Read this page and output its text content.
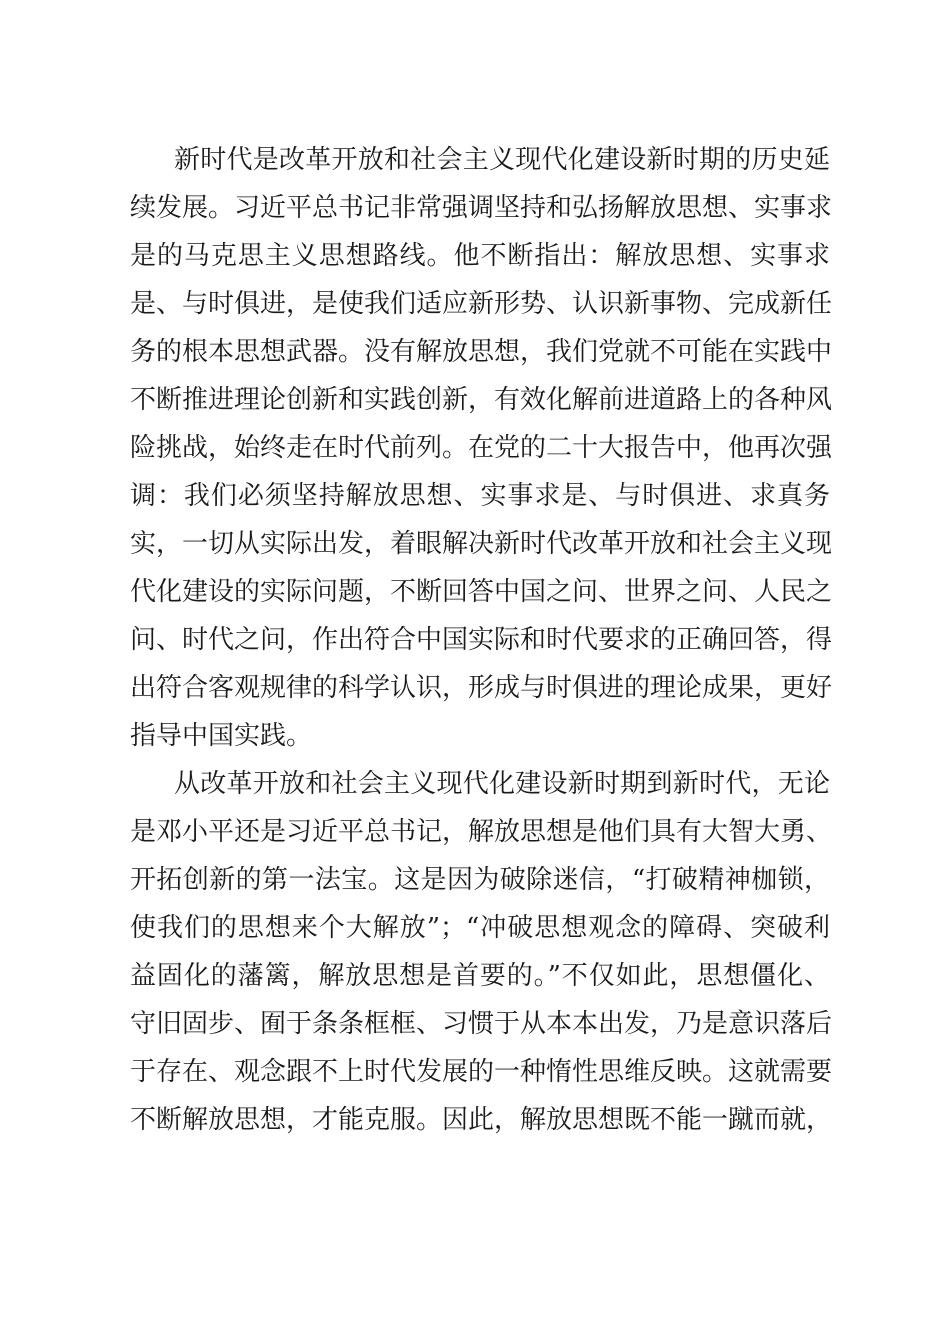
新时代是改革开放和社会主义现代化建设新时期的历史延
续发展。习近平总书记非常强调坚持和弘扬解放思想、实事求
是的马克思主义思想路线。他不断指出：解放思想、实事求
是、与时俱进，是使我们适应新形势、认识新事物、完成新任
务的根本思想武器。没有解放思想，我们党就不可能在实践中
不断推进理论创新和实践创新，有效化解前进道路上的各种风
险挑战，始终走在时代前列。在党的二十大报告中，他再次强
调：我们必须坚持解放思想、实事求是、与时俱进、求真务
实，一切从实际出发，着眼解决新时代改革开放和社会主义现
代化建设的实际问题，不断回答中国之问、世界之问、人民之
问、时代之问，作出符合中国实际和时代要求的正确回答，得
出符合客观规律的科学认识，形成与时俱进的理论成果，更好
指导中国实践。
从改革开放和社会主义现代化建设新时期到新时代，无论
是邓小平还是习近平总书记，解放思想是他们具有大智大勇、
开拓创新的第一法宝。这是因为破除迷信，“打破精神枷锁，
使我们的思想来个大解放”；“冲破思想观念的障碍、突破利
益固化的藩篱，解放思想是首要的。”不仅如此，思想僵化、
守旧固步、囿于条条框框、习惯于从本本出发，乃是意识落后
于存在、观念跟不上时代发展的一种惰性思维反映。这就需要
不断解放思想，才能克服。因此，解放思想既不能一蹴而就，
